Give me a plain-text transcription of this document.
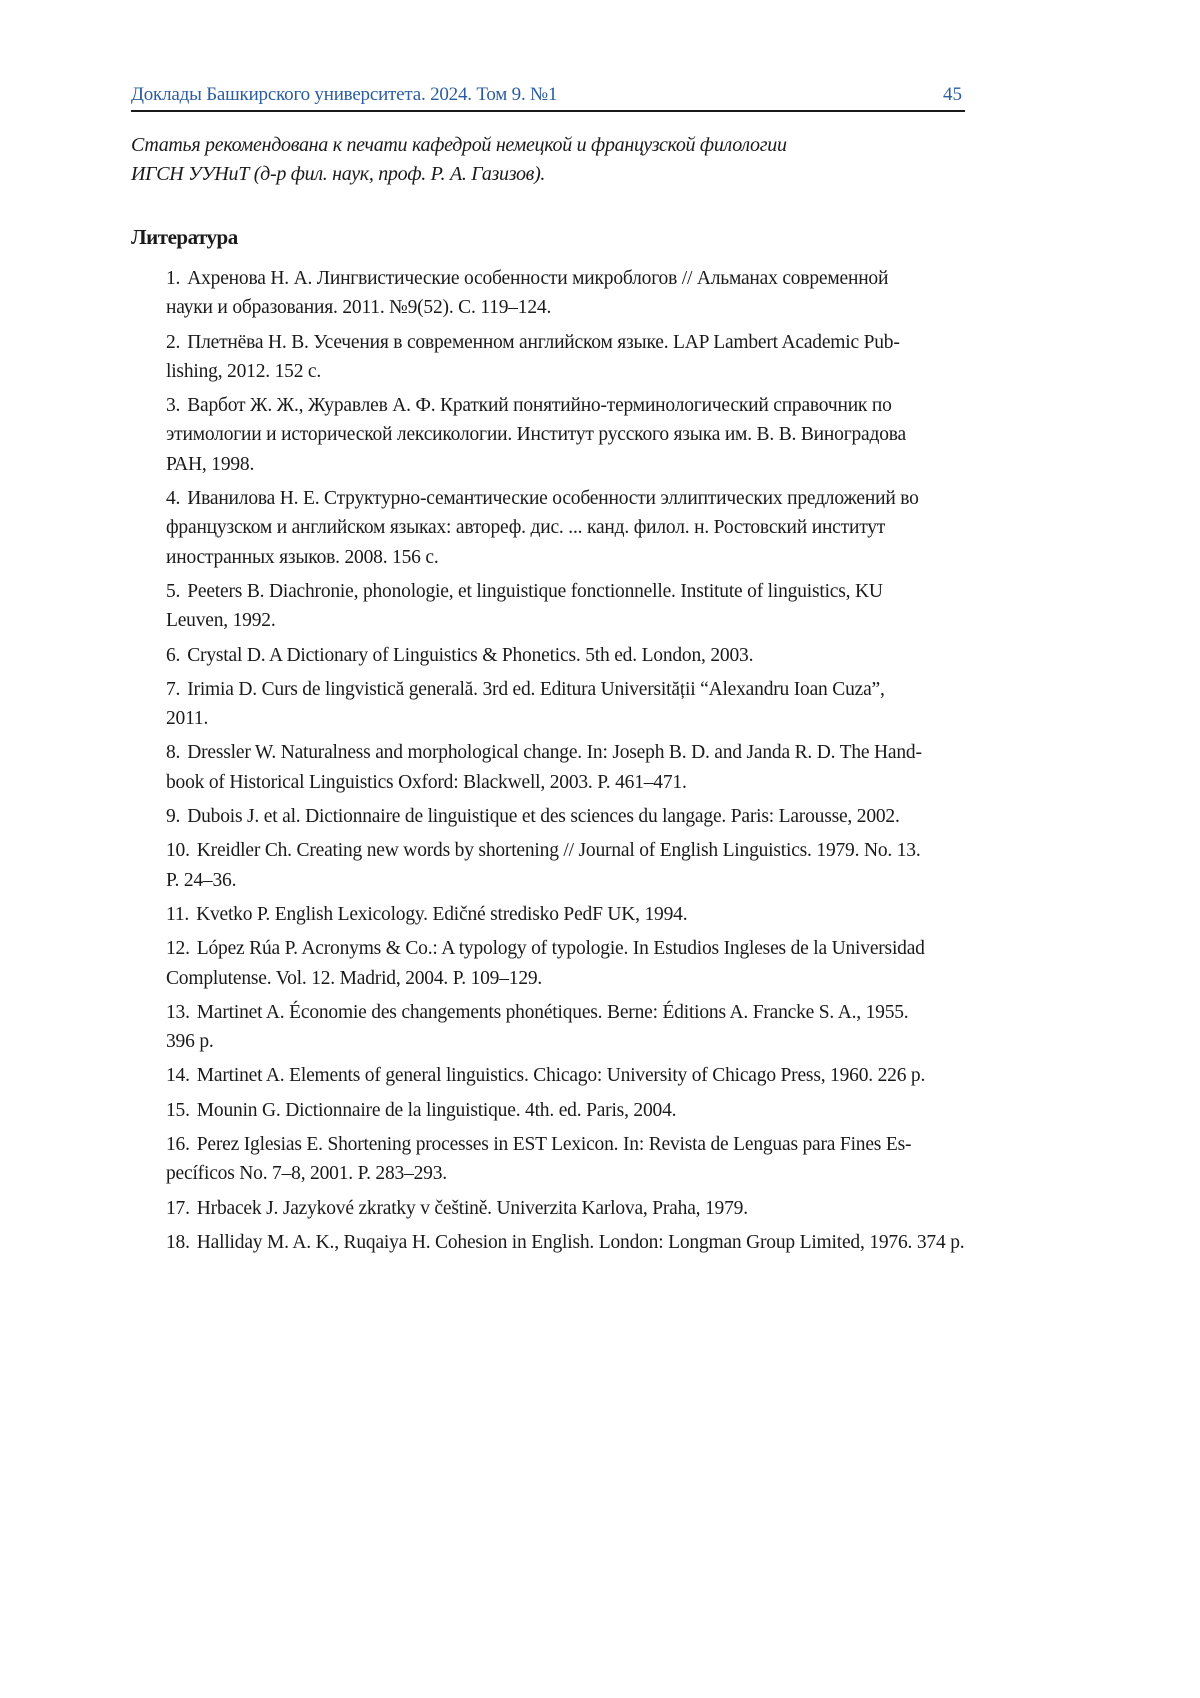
Доклады Башкирского университета. 2024. Том 9. №1	45
Статья рекомендована к печати кафедрой немецкой и французской филологии
ИГСН УУНиТ (д-р фил. наук, проф. Р. А. Газизов).
Литература
1. Ахренова Н. А. Лингвистические особенности микроблогов // Альманах современной
науки и образования. 2011. №9(52). С. 119–124.
2. Плетнёва Н. В. Усечения в современном английском языке. LAP Lambert Academic Pub-
lishing, 2012. 152 с.
3. Варбот Ж. Ж., Журавлев А. Ф. Краткий понятийно-терминологический справочник по
этимологии и исторической лексикологии. Институт русского языка им. В. В. Виноградова
РАН, 1998.
4. Иванилова Н. Е. Структурно-семантические особенности эллиптических предложений во
французском и английском языках: автореф. дис. ... канд. филол. н. Ростовский институт
иностранных языков. 2008. 156 с.
5. Peeters B. Diachronie, phonologie, et linguistique fonctionnelle. Institute of linguistics, KU
Leuven, 1992.
6. Crystal D. A Dictionary of Linguistics & Phonetics. 5th ed. London, 2003.
7. Irimia D. Curs de lingvistică generală. 3rd ed. Editura Universității “Alexandru Ioan Cuza”,
2011.
8. Dressler W. Naturalness and morphological change. In: Joseph B. D. and Janda R. D. The Hand-
book of Historical Linguistics Oxford: Blackwell, 2003. P. 461–471.
9. Dubois J. et al. Dictionnaire de linguistique et des sciences du langage. Paris: Larousse, 2002.
10. Kreidler Ch. Creating new words by shortening // Journal of English Linguistics. 1979. No. 13.
P. 24–36.
11. Kvetko P. English Lexicology. Edičné stredisko PedF UK, 1994.
12. López Rúa P. Acronyms & Co.: A typology of typologie. In Estudios Ingleses de la Universidad
Complutense. Vol. 12. Madrid, 2004. P. 109–129.
13. Martinet A. Économie des changements phonétiques. Berne: Éditions A. Francke S. A., 1955.
396 p.
14. Martinet A. Elements of general linguistics. Chicago: University of Chicago Press, 1960. 226 p.
15. Mounin G. Dictionnaire de la linguistique. 4th. ed. Paris, 2004.
16. Perez Iglesias E. Shortening processes in EST Lexicon. In: Revista de Lenguas para Fines Es-
pecíficos No. 7–8, 2001. P. 283–293.
17. Hrbacek J. Jazykové zkratky v češtině. Univerzita Karlova, Praha, 1979.
18. Halliday M. A. K., Ruqaiya H. Cohesion in English. London: Longman Group Limited, 1976. 374 p.
